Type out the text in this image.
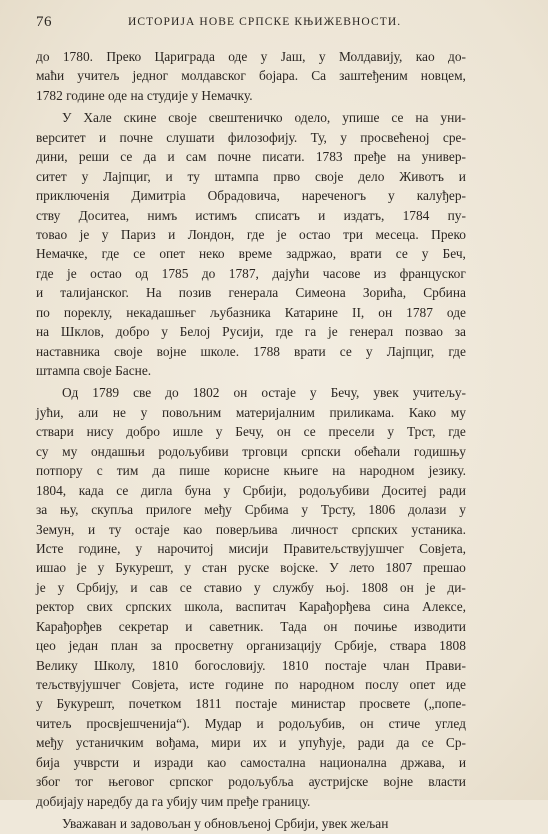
76	ИСТОРИЈА НОВЕ СРПСКЕ КЊИЖЕВНОСТИ.
до 1780. Преко Цариграда оде у Јаш, у Молдавију, као до-
маћи учитељ једног молдавског бојара. Са заштеђеним новцем,
1782 године оде на студије у Немачку.
У Хале скине своје свештеничко одело, упише се на уни-
верситет и почне слушати филозофију. Ту, у просвећеној сре-
дини, реши се да и сам почне писати. 1783 пређе на универ-
ситет у Лајпциг, и ту штампа прво своје дело Животъ и
приключенія Димитріа Обрадовича, нареченогъ у калуђер-
ству Доситеа, нимъ истимъ списатъ и издатъ, 1784 пу-
товао је у Париз и Лондон, где је остао три месеца. Преко
Немачке, где се опет неко време задржао, врати се у Беч,
где је остао од 1785 до 1787, дајући часове из француског
и талијанског. На позив генерала Симеона Зорића, Србина
по пореклу, некадашњег љубазника Катарине II, он 1787 оде
на Шклов, добро у Белој Русији, где га је генерал позвао за
наставника своје војне школе. 1788 врати се у Лајпциг, где
штампа своје Басне.
Од 1789 све до 1802 он остаје у Бечу, увек учитељу-
јући, али не у повољним материјалним приликама. Како му
ствари нису добро ишле у Бечу, он се пресели у Трст, где
су му ондашњи родољубиви трговци српски обећали годишњу
потпору с тим да пише корисне књиге на народном језику.
1804, када се дигла буна у Србији, родољубиви Доситеј ради
за њу, скупља прилоге међу Србима у Трсту, 1806 долази у
Земун, и ту остаје као поверљива личност српских устаника.
Исте године, у нарочитој мисији Правитељствујушчег Совјета,
ишао је у Букурешт, у стан руске војске. У лето 1807 прешао
је у Србију, и сав се ставио у службу њој. 1808 он је ди-
ректор свих српских школа, васпитач Карађорђева сина Алексе,
Карађорђев секретар и саветник. Тада он почиње изводити
цео један план за просветну организацију Србије, ствара 1808
Велику Школу, 1810 богословију. 1810 постаје члан Прави-
тељствујушчег Совјета, исте године по народном послу опет иде
у Букурешт, почетком 1811 постаје министар просвете („попе-
читељ просвјешченија“). Мудар и родољубив, он стиче углед
међу устаничким вођама, мири их и упућује, ради да се Ср-
бија учврсти и изради као самостална национална држава, и
због тог његовог српског родољубља аустријске војне власти
добијају наредбу да га убију чим пређе границу.
Уважаван и задовољан у обновљеној Србији, увек жељан
